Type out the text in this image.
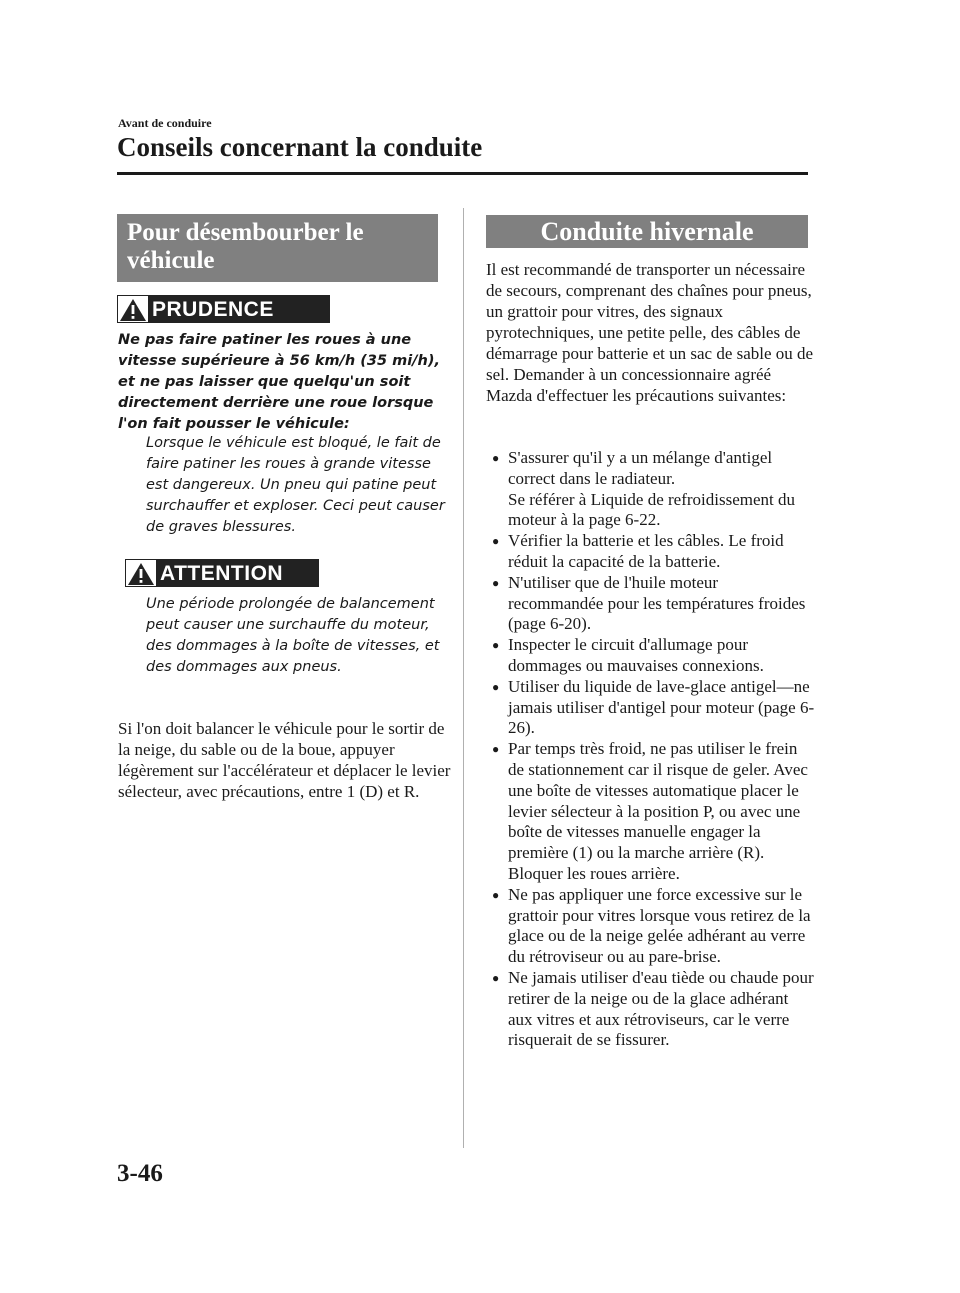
Avant de conduire
Conseils concernant la conduite
Pour désembourber le véhicule
PRUDENCE
Ne pas faire patiner les roues à une vitesse supérieure à 56 km/h (35 mi/h), et ne pas laisser que quelqu'un soit directement derrière une roue lorsque l'on fait pousser le véhicule:
Lorsque le véhicule est bloqué, le fait de faire patiner les roues à grande vitesse est dangereux. Un pneu qui patine peut surchauffer et exploser. Ceci peut causer de graves blessures.
ATTENTION
Une période prolongée de balancement peut causer une surchauffe du moteur, des dommages à la boîte de vitesses, et des dommages aux pneus.
Si l'on doit balancer le véhicule pour le sortir de la neige, du sable ou de la boue, appuyer légèrement sur l'accélérateur et déplacer le levier sélecteur, avec précautions, entre 1 (D) et R.
Conduite hivernale
Il est recommandé de transporter un nécessaire de secours, comprenant des chaînes pour pneus, un grattoir pour vitres, des signaux pyrotechniques, une petite pelle, des câbles de démarrage pour batterie et un sac de sable ou de sel. Demander à un concessionnaire agréé Mazda d'effectuer les précautions suivantes:
● S'assurer qu'il y a un mélange d'antigel correct dans le radiateur.
Se référer à Liquide de refroidissement du moteur à la page 6-22.
● Vérifier la batterie et les câbles. Le froid réduit la capacité de la batterie.
● N'utiliser que de l'huile moteur recommandée pour les températures froides (page 6-20).
● Inspecter le circuit d'allumage pour dommages ou mauvaises connexions.
● Utiliser du liquide de lave-glace antigel―ne jamais utiliser d'antigel pour moteur (page 6-26).
● Par temps très froid, ne pas utiliser le frein de stationnement car il risque de geler. Avec une boîte de vitesses automatique placer le levier sélecteur à la position P, ou avec une boîte de vitesses manuelle engager la première (1) ou la marche arrière (R). Bloquer les roues arrière.
● Ne pas appliquer une force excessive sur le grattoir pour vitres lorsque vous retirez de la glace ou de la neige gelée adhérant au verre du rétroviseur ou au pare-brise.
● Ne jamais utiliser d'eau tiède ou chaude pour retirer de la neige ou de la glace adhérant aux vitres et aux rétroviseurs, car le verre risquerait de se fissurer.
3-46
